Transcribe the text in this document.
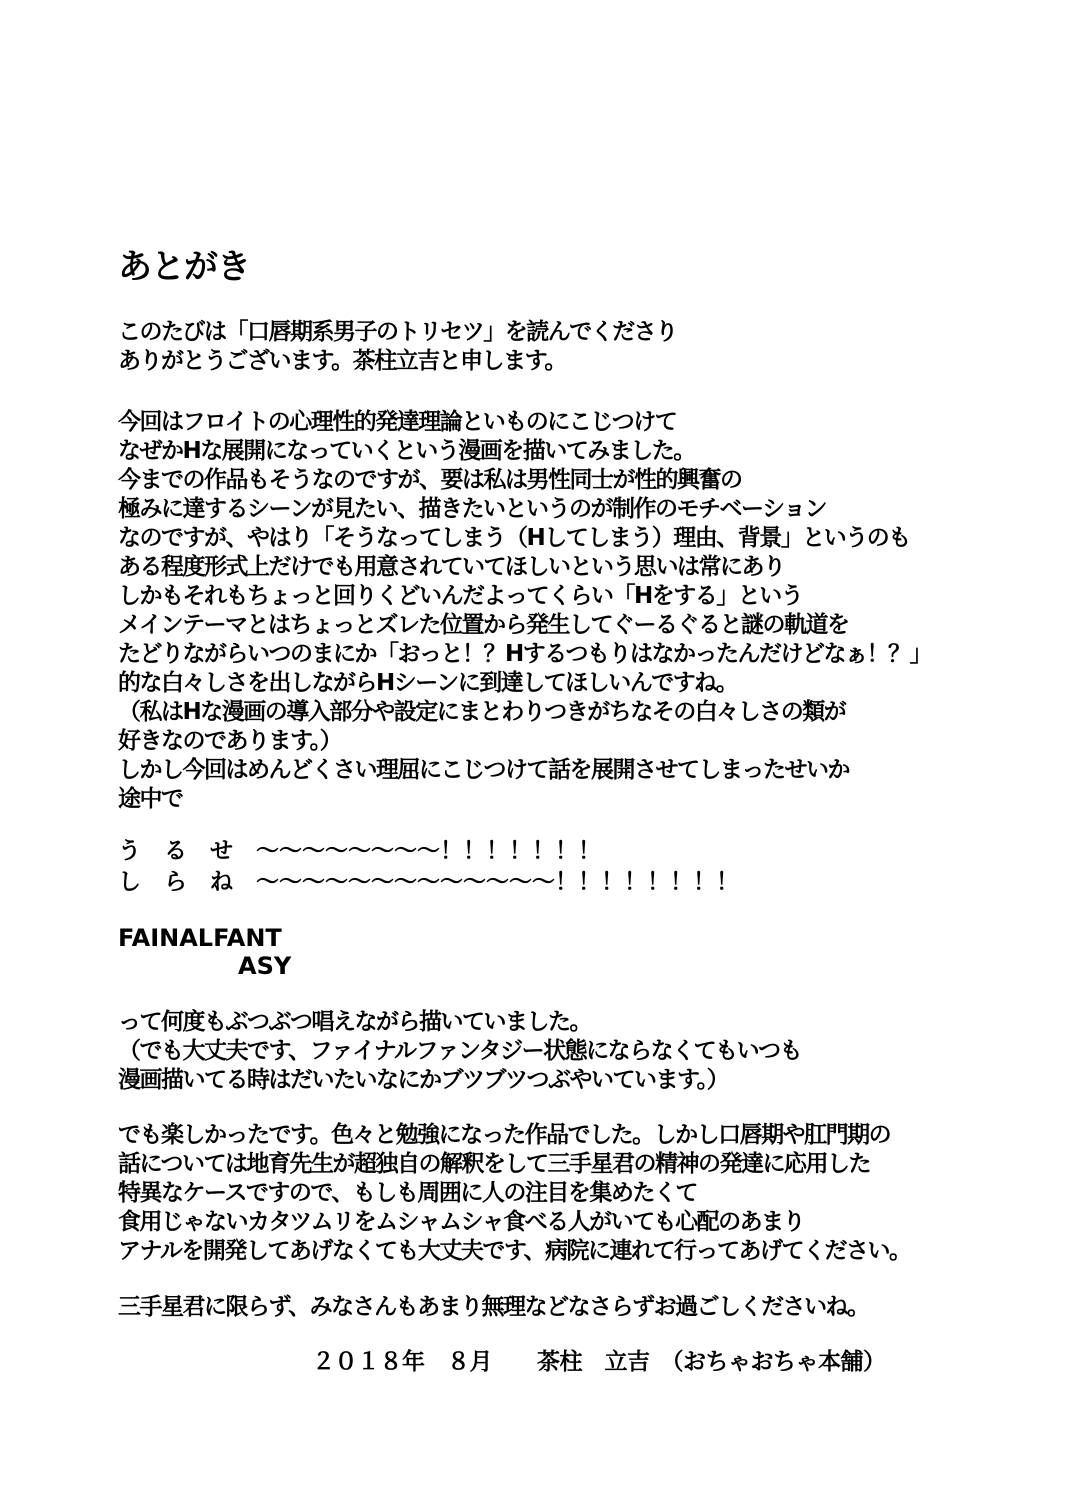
あとがき
このたびは「口唇期系男子のトリセツ」を読んでくださり
ありがとうございます。茶柱立吉と申します。
今回はフロイトの心理性的発達理論といものにこじつけて
なぜかHな展開になっていくという漫画を描いてみました。
今までの作品もそうなのですが、要は私は男性同士が性的興奮の
極みに達するシーンが見たい、描きたいというのが制作のモチベーション
なのですが、やはり「そうなってしまう（Hしてしまう）理由、背景」というのも
ある程度形式上だけでも用意されていてほしいという思いは常にあり
しかもそれもちょっと回りくどいんだよってくらい「Hをする」という
メインテーマとはちょっとズレた位置から発生してぐーるぐると謎の軌道を
たどりながらいつのまにか「おっと！？Hするつもりはなかったんだけどなぁ！？」
的な白々しさを出しながらHシーンに到達してほしいんですね。
（私はHな漫画の導入部分や設定にまとわりつきがちなその白々しさの類が
好きなのであります。）
しかし今回はめんどくさい理屈にこじつけて話を展開させてしまったせいか
途中で
う　る　せ　～～～～～～～～！！！！！！！
し　ら　ね　～～～～～～～～～～～～～！！！！！！！！
FAINALFANT
　　　　　ASY
って何度もぶつぶつ唱えながら描いていました。
（でも大丈夫です、ファイナルファンタジー状態にならなくてもいつも
漫画描いてる時はだいたいなにかブツブツつぶやいています。）
でも楽しかったです。色々と勉強になった作品でした。しかし口唇期や肛門期の
話については地育先生が超独自の解釈をして三手星君の精神の発達に応用した
特異なケースですので、もしも周囲に人の注目を集めたくて
食用じゃないカタツムリをムシャムシャ食べる人がいても心配のあまり
アナルを開発してあげなくても大丈夫です、病院に連れて行ってあげてください。
三手星君に限らず、みなさんもあまり無理などなさらずお過ごしくださいね。
２０１８年　８月　　茶柱　立吉　（おちゃおちゃ本舗）
